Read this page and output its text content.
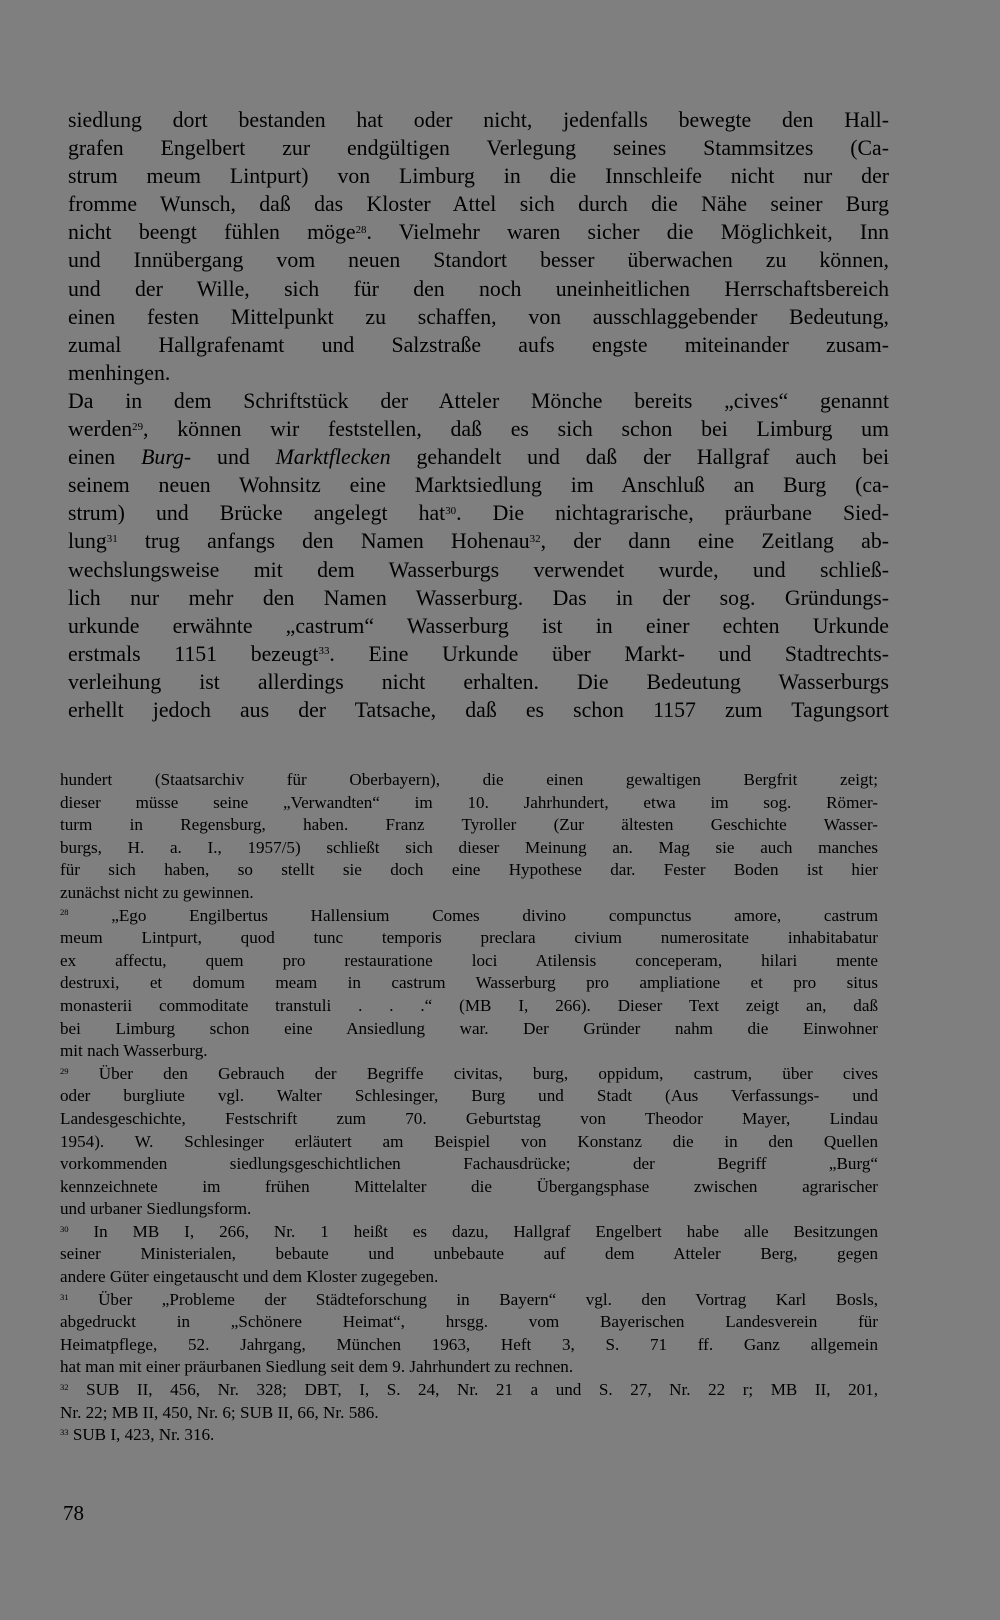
siedlung dort bestanden hat oder nicht, jedenfalls bewegte den Hall-
grafen Engelbert zur endgültigen Verlegung seines Stammsitzes (Ca-
strum meum Lintpurt) von Limburg in die Innschleife nicht nur der
fromme Wunsch, daß das Kloster Attel sich durch die Nähe seiner Burg
nicht beengt fühlen möge$^{28}$. Vielmehr waren sicher die Möglichkeit, Inn
und Innübergang vom neuen Standort besser überwachen zu können,
und der Wille, sich für den noch uneinheitlichen Herrschaftsbereich
einen festen Mittelpunkt zu schaffen, von ausschlaggebender Bedeutung,
zumal Hallgrafenamt und Salzstraße aufs engste miteinander zusam-
menhingen.
Da in dem Schriftstück der Atteler Mönche bereits „cives“ genannt
werden$^{29}$, können wir feststellen, daß es sich schon bei Limburg um
einen Burg- und Marktflecken gehandelt und daß der Hallgraf auch bei
seinem neuen Wohnsitz eine Marktsiedlung im Anschluß an Burg (ca-
strum) und Brücke angelegt hat$^{30}$. Die nichtagrarische, präurbane Sied-
lung$^{31}$ trug anfangs den Namen Hohenau$^{32}$, der dann eine Zeitlang ab-
wechslungsweise mit dem Wasserburgs verwendet wurde, und schließ-
lich nur mehr den Namen Wasserburg. Das in der sog. Gründungs-
urkunde erwähnte „castrum“ Wasserburg ist in einer echten Urkunde
erstmals 1151 bezeugt$^{33}$. Eine Urkunde über Markt- und Stadtrechts-
verleihung ist allerdings nicht erhalten. Die Bedeutung Wasserburgs
erhellt jedoch aus der Tatsache, daß es schon 1157 zum Tagungsort
hundert (Staatsarchiv für Oberbayern), die einen gewaltigen Bergfrit zeigt;
dieser müsse seine „Verwandten“ im 10. Jahrhundert, etwa im sog. Römer-
turm in Regensburg, haben. Franz Tyroller (Zur ältesten Geschichte Wasser-
burgs, H. a. I., 1957/5) schließt sich dieser Meinung an. Mag sie auch manches
für sich haben, so stellt sie doch eine Hypothese dar. Fester Boden ist hier
zunächst nicht zu gewinnen.
$^{28}$ „Ego Engilbertus Hallensium Comes divino compunctus amore, castrum
meum Lintpurt, quod tunc temporis preclara civium numerositate inhabitabatur
ex affectu, quem pro restauratione loci Atilensis conceperam, hilari mente
destruxi, et domum meam in castrum Wasserburg pro ampliatione et pro situs
monasterii commoditate transtuli . . .“ (MB I, 266). Dieser Text zeigt an, daß
bei Limburg schon eine Ansiedlung war. Der Gründer nahm die Einwohner
mit nach Wasserburg.
$^{29}$ Über den Gebrauch der Begriffe civitas, burg, oppidum, castrum, über cives
oder burgliute vgl. Walter Schlesinger, Burg und Stadt (Aus Verfassungs- und
Landesgeschichte, Festschrift zum 70. Geburtstag von Theodor Mayer, Lindau
1954). W. Schlesinger erläutert am Beispiel von Konstanz die in den Quellen
vorkommenden siedlungsgeschichtlichen Fachausdrücke; der Begriff „Burg“
kennzeichnete im frühen Mittelalter die Übergangsphase zwischen agrarischer
und urbaner Siedlungsform.
$^{30}$ In MB I, 266, Nr. 1 heißt es dazu, Hallgraf Engelbert habe alle Besitzungen
seiner Ministerialen, bebaute und unbebaute auf dem Atteler Berg, gegen
andere Güter eingetauscht und dem Kloster zugegeben.
$^{31}$ Über „Probleme der Städteforschung in Bayern“ vgl. den Vortrag Karl Bosls,
abgedruckt in „Schönere Heimat“, hrsgg. vom Bayerischen Landesverein für
Heimatpflege, 52. Jahrgang, München 1963, Heft 3, S. 71 ff. Ganz allgemein
hat man mit einer präurbanen Siedlung seit dem 9. Jahrhundert zu rechnen.
$^{32}$ SUB II, 456, Nr. 328; DBT, I, S. 24, Nr. 21 a und S. 27, Nr. 22 r; MB II, 201,
Nr. 22; MB II, 450, Nr. 6; SUB II, 66, Nr. 586.
$^{33}$ SUB I, 423, Nr. 316.
78
